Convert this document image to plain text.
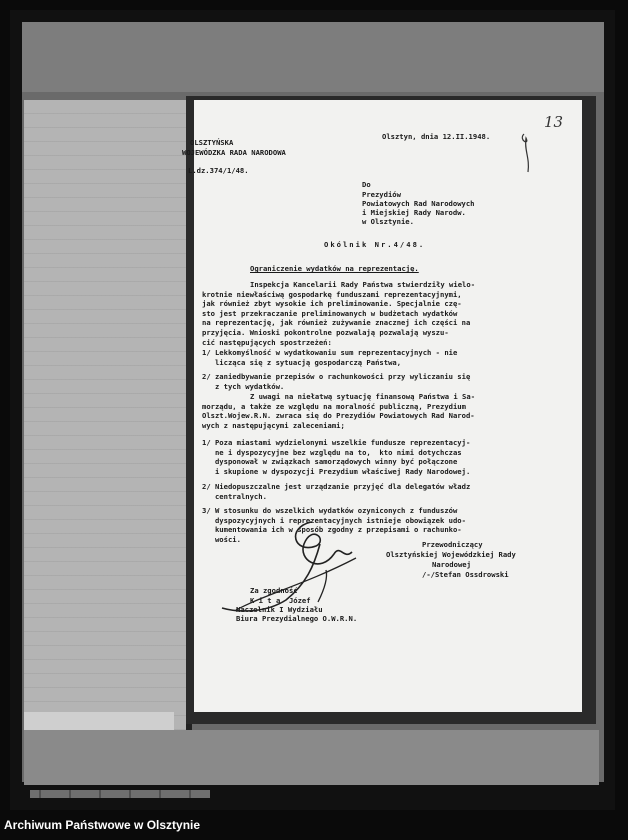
OLSZTYŃSKA
WOJEWÓDZKA RADA NARODOWA
L.dz.374/1/48.
Olsztyn, dnia 12.II.1948.
13
Do
Prezydiów
Powiatowych Rad Narodowych
i Miejskiej Rady Narodw.
w Olsztynie.
Okólnik Nr.4/48.
Ograniczenie wydatków na reprezentację.
Inspekcja Kancelarii Rady Państwa stwierdziły wielo-
krotnie niewłaściwą gospodarkę funduszami reprezentacyjnymi,
jak również zbyt wysokie ich preliminowanie. Specjalnie czę-
sto jest przekraczanie preliminowanych w budżetach wydatków
na reprezentację, jak również zużywanie znacznej ich części na
przyjęcia. Wnioski pokontrolne pozwalają pozwalają wyszu-
cić następujących spostrzeżeń:
1/ Lekkomyślność w wydatkowaniu sum reprezentacyjnych - nie
licząca się z sytuacją gospodarczą Państwa,
2/ zaniedbywanie przepisów o rachunkowości przy wyliczaniu się
z tych wydatków.
Z uwagi na niełatwą sytuację finansową Państwa i Sa-
morządu, a także ze względu na moralność publiczną, Prezydium
Olszt.Wojew.R.N. zwraca się do Prezydiów Powiatowych Rad Narod-
wych z następującymi zaleceniami;
1/ Poza miastami wydzielonymi wszelkie fundusze reprezentacyj-
ne i dyspozycyjne bez względu na to,  kto nimi dotychczas
dysponował w związkach samorządowych winny być połączone
i skupione w dyspozycji Prezydium właściwej Rady Narodowej.
2/ Niedopuszczalne jest urządzanie przyjęć dla delegatów władz
centralnych.
3/ W stosunku do wszelkich wydatków ozyniconych z funduszów
dyspozycyjnych i reprezentacyjnych istnieje obowiązek udo-
kumentowania ich w sposób zgodny z przepisami o rachunko-
wości.
Przewodniczący
Olsztyńskiej Wojewódzkiej Rady
Narodowej
/-/Stefan Ossdrowski
Za zgodność
K i t a  Józef
Naczelnik I Wydziału
Biura Prezydialnego O.W.R.N.
Archiwum Państwowe w Olsztynie
